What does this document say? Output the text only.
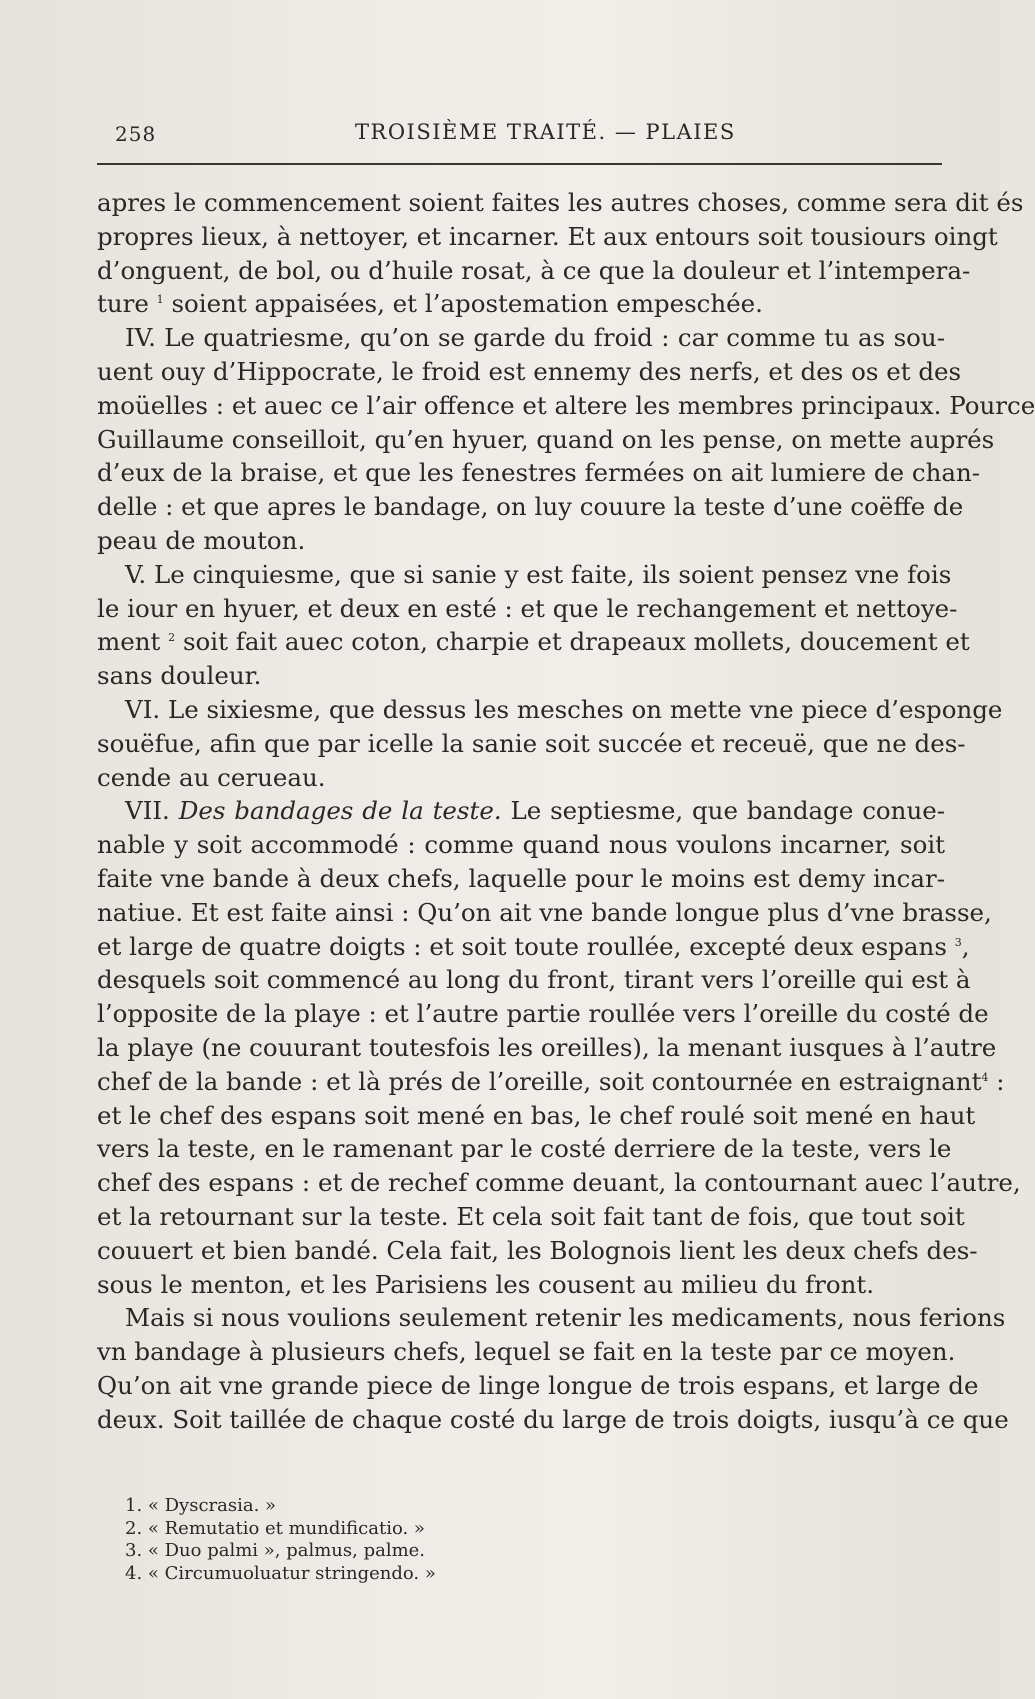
258	TROISIÈME TRAITÉ. — PLAIES
apres le commencement soient faites les autres choses, comme sera dit és
propres lieux, à nettoyer, et incarner. Et aux entours soit tousiours oingt
d’onguent, de bol, ou d’huile rosat, à ce que la douleur et l’intempera-
ture $^1$ soient appaisées, et l’apostemation empeschée.
IV. Le quatriesme, qu’on se garde du froid : car comme tu as sou-
uent ouy d’Hippocrate, le froid est ennemy des nerfs, et des os et des
moüelles : et auec ce l’air offence et altere les membres principaux. Pource
Guillaume conseilloit, qu’en hyuer, quand on les pense, on mette auprés
d’eux de la braise, et que les fenestres fermées on ait lumiere de chan-
delle : et que apres le bandage, on luy couure la teste d’une coëffe de
peau de mouton.
V. Le cinquiesme, que si sanie y est faite, ils soient pensez vne fois
le iour en hyuer, et deux en esté : et que le rechangement et nettoye-
ment $^2$ soit fait auec coton, charpie et drapeaux mollets, doucement et
sans douleur.
VI. Le sixiesme, que dessus les mesches on mette vne piece d’esponge
souëfue, afin que par icelle la sanie soit succée et receuë, que ne des-
cende au cerueau.
VII. Des bandages de la teste. Le septiesme, que bandage conue-
nable y soit accommodé : comme quand nous voulons incarner, soit
faite vne bande à deux chefs, laquelle pour le moins est demy incar-
natiue. Et est faite ainsi : Qu’on ait vne bande longue plus d’vne brasse,
et large de quatre doigts : et soit toute roullée, excepté deux espans $^3$,
desquels soit commencé au long du front, tirant vers l’oreille qui est à
l’opposite de la playe : et l’autre partie roullée vers l’oreille du costé de
la playe (ne couurant toutesfois les oreilles), la menant iusques à l’autre
chef de la bande : et là prés de l’oreille, soit contournée en estraignant$^4$ :
et le chef des espans soit mené en bas, le chef roulé soit mené en haut
vers la teste, en le ramenant par le costé derriere de la teste, vers le
chef des espans : et de rechef comme deuant, la contournant auec l’autre,
et la retournant sur la teste. Et cela soit fait tant de fois, que tout soit
couuert et bien bandé. Cela fait, les Bolognois lient les deux chefs des-
sous le menton, et les Parisiens les cousent au milieu du front.
Mais si nous voulions seulement retenir les medicaments, nous ferions
vn bandage à plusieurs chefs, lequel se fait en la teste par ce moyen.
Qu’on ait vne grande piece de linge longue de trois espans, et large de
deux. Soit taillée de chaque costé du large de trois doigts, iusqu’à ce que
1. « Dyscrasia. »
2. « Remutatio et mundificatio. »
3. « Duo palmi », palmus, palme.
4. « Circumuoluatur stringendo. »
